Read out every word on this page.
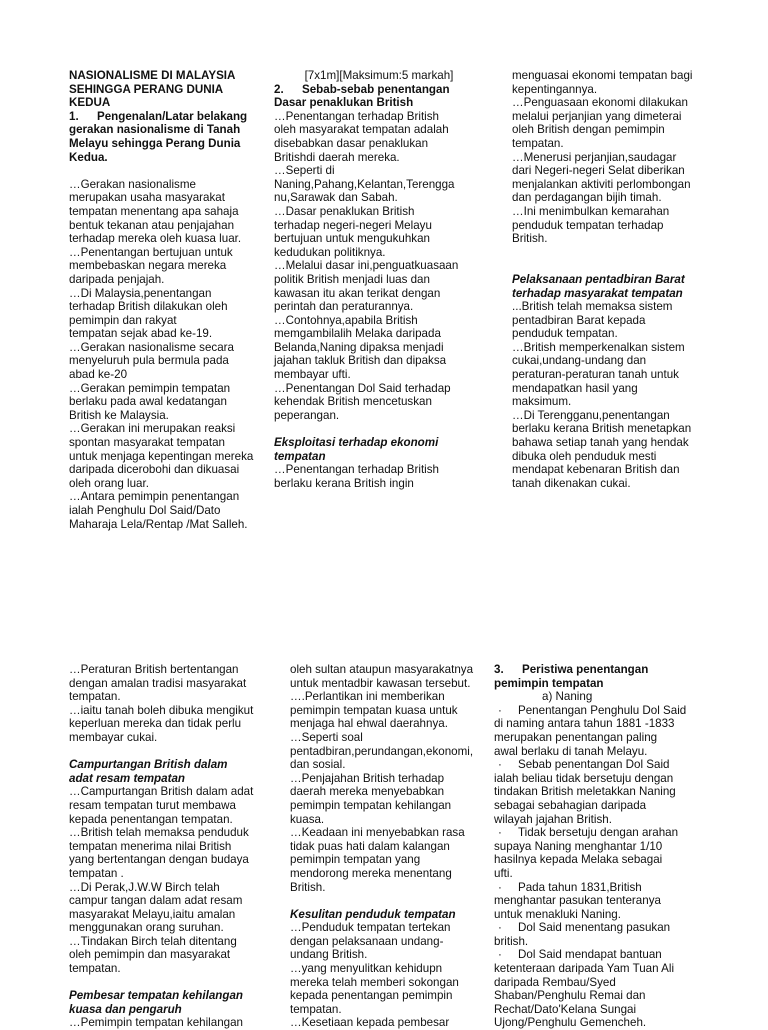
NASIONALISME DI MALAYSIA

SEHINGGA PERANG DUNIA

KEDUA

1. Pengenalan/Latar belakang

gerakan nasionalisme di Tanah

Melayu sehingga Perang Dunia

Kedua.

…Gerakan nasionalisme

merupakan usaha masyarakat

tempatan menentang apa sahaja

bentuk tekanan atau penjajahan

terhadap mereka oleh kuasa luar.

…Penentangan bertujuan untuk

membebaskan negara mereka

daripada penjajah.

…Di Malaysia,penentangan

terhadap British dilakukan oleh

pemimpin dan rakyat

tempatan sejak abad ke-19.

…Gerakan nasionalisme secara

menyeluruh pula bermula pada

abad ke-20

…Gerakan pemimpin tempatan

berlaku pada awal kedatangan

British ke Malaysia.

…Gerakan ini merupakan reaksi

spontan masyarakat tempatan

untuk menjaga kepentingan mereka

daripada dicerobohi dan dikuasai

oleh orang luar.

…Antara pemimpin penentangan

ialah Penghulu Dol Said/Dato

Maharaja Lela/Rentap /Mat Salleh.

[7x1m][Maksimum:5 markah]

2. Sebab-sebab penentangan

Dasar penaklukan British

…Penentangan terhadap British

oleh masyarakat tempatan adalah

disebabkan dasar penaklukan

Britishdi daerah mereka.

…Seperti di

Naning,Pahang,Kelantan,Terengga

nu,Sarawak dan Sabah.

…Dasar penaklukan British

terhadap negeri-negeri Melayu

bertujuan untuk mengukuhkan

kedudukan politiknya.

…Melalui dasar ini,penguatkuasaan

politik British menjadi luas dan

kawasan itu akan terikat dengan

perintah dan peraturannya.

…Contohnya,apabila British

memgambilalih Melaka daripada

Belanda,Naning dipaksa menjadi

jajahan takluk British dan dipaksa

membayar ufti.

…Penentangan Dol Said terhadap

kehendak British mencetuskan

peperangan.

Eksploitasi terhadap ekonomi

tempatan

…Penentangan terhadap British

berlaku kerana British ingin

menguasai ekonomi tempatan bagi

kepentingannya.

…Penguasaan ekonomi dilakukan

melalui perjanjian yang dimeterai

oleh British dengan pemimpin

tempatan.

…Menerusi perjanjian,saudagar

dari Negeri-negeri Selat diberikan

menjalankan aktiviti perlombongan

dan perdagangan bijih timah.

…Ini menimbulkan kemarahan

penduduk tempatan terhadap

British.

Pelaksanaan pentadbiran Barat

terhadap masyarakat tempatan

...British telah memaksa sistem

pentadbiran Barat kepada

penduduk tempatan.

…British memperkenalkan sistem

cukai,undang-undang dan

peraturan-peraturan tanah untuk

mendapatkan hasil yang

maksimum.

…Di Terengganu,penentangan

berlaku kerana British menetapkan

bahawa setiap tanah yang hendak

dibuka oleh penduduk mesti

mendapat kebenaran British dan

tanah dikenakan cukai.

…Peraturan British bertentangan

dengan amalan tradisi masyarakat

tempatan.

…iaitu tanah boleh dibuka mengikut

keperluan mereka dan tidak perlu

membayar cukai.

Campurtangan British dalam

adat resam tempatan

…Campurtangan British dalam adat

resam tempatan turut membawa

kepada penentangan tempatan.

…British telah memaksa penduduk

tempatan menerima nilai British

yang bertentangan dengan budaya

tempatan .

…Di Perak,J.W.W Birch telah

campur tangan dalam adat resam

masyarakat Melayu,iaitu amalan

menggunakan orang suruhan.

…Tindakan Birch telah ditentang

oleh pemimpin dan masyarakat

tempatan.

Pembesar tempatan kehilangan

kuasa dan pengaruh

…Pemimpin tempatan kehilangan

oleh sultan ataupun masyarakatnya

untuk mentadbir kawasan tersebut.

….Perlantikan ini memberikan

pemimpin tempatan kuasa untuk

menjaga hal ehwal daerahnya.

…Seperti soal

pentadbiran,perundangan,ekonomi,

dan sosial.

…Penjajahan British terhadap

daerah mereka menyebabkan

pemimpin tempatan kehilangan

kuasa.

…Keadaan ini menyebabkan rasa

tidak puas hati dalam kalangan

pemimpin tempatan yang

mendorong mereka menentang

British.

Kesulitan penduduk tempatan

…Penduduk tempatan tertekan

dengan pelaksanaan undang-

undang British.

…yang menyulitkan kehidupn

mereka telah memberi sokongan

kepada penentangan pemimpin

tempatan.

…Kesetiaan kepada pembesar

3. Peristiwa penentangan

pemimpin tempatan

a) Naning

· Penentangan Penghulu Dol Said

di naming antara tahun 1881 -1833

merupakan penentangan paling

awal berlaku di tanah Melayu.

· Sebab penentangan Dol Said

ialah beliau tidak bersetuju dengan

tindakan British meletakkan Naning

sebagai sebahagian daripada

wilayah jajahan British.

· Tidak bersetuju dengan arahan

supaya Naning menghantar 1/10

hasilnya kepada Melaka sebagai

ufti.

· Pada tahun 1831,British

menghantar pasukan tenteranya

untuk menakluki Naning.

· Dol Said menentang pasukan

british.

· Dol Said mendapat bantuan

ketenteraan daripada Yam Tuan Ali

daripada Rembau/Syed

Shaban/Penghulu Remai dan

Rechat/Dato'Kelana Sungai

Ujong/Penghulu Gemencheh.
